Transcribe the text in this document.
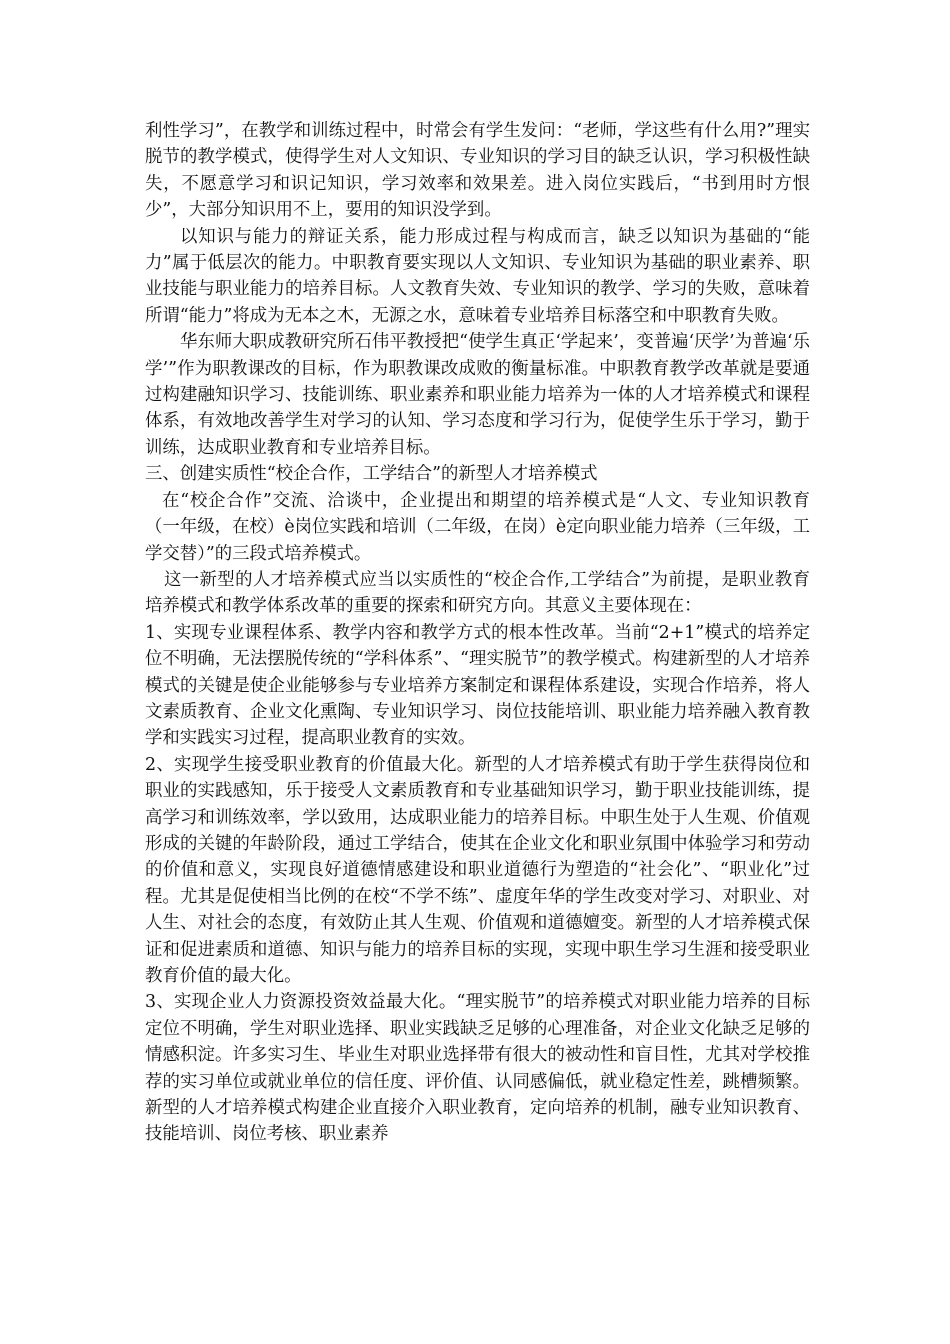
利性学习”，在教学和训练过程中，时常会有学生发问：“老师，学这些有什么用?”理实脱节的教学模式，使得学生对人文知识、专业知识的学习目的缺乏认识，学习积极性缺失，不愿意学习和识记知识，学习效率和效果差。进入岗位实践后，“书到用时方恨少”，大部分知识用不上，要用的知识没学到。

以知识与能力的辩证关系，能力形成过程与构成而言，缺乏以知识为基础的“能力”属于低层次的能力。中职教育要实现以人文知识、专业知识为基础的职业素养、职业技能与职业能力的培养目标。人文教育失效、专业知识的教学、学习的失败，意味着所谓“能力”将成为无本之木，无源之水，意味着专业培养目标落空和中职教育失败。

华东师大职成教研究所石伟平教授把“使学生真正‘学起来’，变普遍‘厌学’为普遍‘乐学’”作为职教课改的目标，作为职教课改成败的衡量标准。中职教育教学改革就是要通过构建融知识学习、技能训练、职业素养和职业能力培养为一体的人才培养模式和课程体系，有效地改善学生对学习的认知、学习态度和学习行为，促使学生乐于学习，勤于训练，达成职业教育和专业培养目标。

三、创建实质性“校企合作，工学结合”的新型人才培养模式

在“校企合作”交流、洽谈中，企业提出和期望的培养模式是“人文、专业知识教育（一年级，在校）è岗位实践和培训（二年级，在岗）è定向职业能力培养（三年级，工学交替）”的三段式培养模式。

这一新型的人才培养模式应当以实质性的“校企合作,工学结合”为前提，是职业教育培养模式和教学体系改革的重要的探索和研究方向。其意义主要体现在：

1、实现专业课程体系、教学内容和教学方式的根本性改革。当前“2+1”模式的培养定位不明确，无法摆脱传统的“学科体系”、“理实脱节”的教学模式。构建新型的人才培养模式的关键是使企业能够参与专业培养方案制定和课程体系建设，实现合作培养，将人文素质教育、企业文化熏陶、专业知识学习、岗位技能培训、职业能力培养融入教育教学和实践实习过程，提高职业教育的实效。

2、实现学生接受职业教育的价值最大化。新型的人才培养模式有助于学生获得岗位和职业的实践感知，乐于接受人文素质教育和专业基础知识学习，勤于职业技能训练，提高学习和训练效率，学以致用，达成职业能力的培养目标。中职生处于人生观、价值观形成的关键的年龄阶段，通过工学结合，使其在企业文化和职业氛围中体验学习和劳动的价值和意义，实现良好道德情感建设和职业道德行为塑造的“社会化”、“职业化”过程。尤其是促使相当比例的在校“不学不练”、虚度年华的学生改变对学习、对职业、对人生、对社会的态度，有效防止其人生观、价值观和道德嬗变。新型的人才培养模式保证和促进素质和道德、知识与能力的培养目标的实现，实现中职生学习生涯和接受职业教育价值的最大化。

3、实现企业人力资源投资效益最大化。“理实脱节”的培养模式对职业能力培养的目标定位不明确，学生对职业选择、职业实践缺乏足够的心理准备，对企业文化缺乏足够的情感积淀。许多实习生、毕业生对职业选择带有很大的被动性和盲目性，尤其对学校推荐的实习单位或就业单位的信任度、评价值、认同感偏低，就业稳定性差，跳槽频繁。新型的人才培养模式构建企业直接介入职业教育，定向培养的机制，融专业知识教育、技能培训、岗位考核、职业素养
